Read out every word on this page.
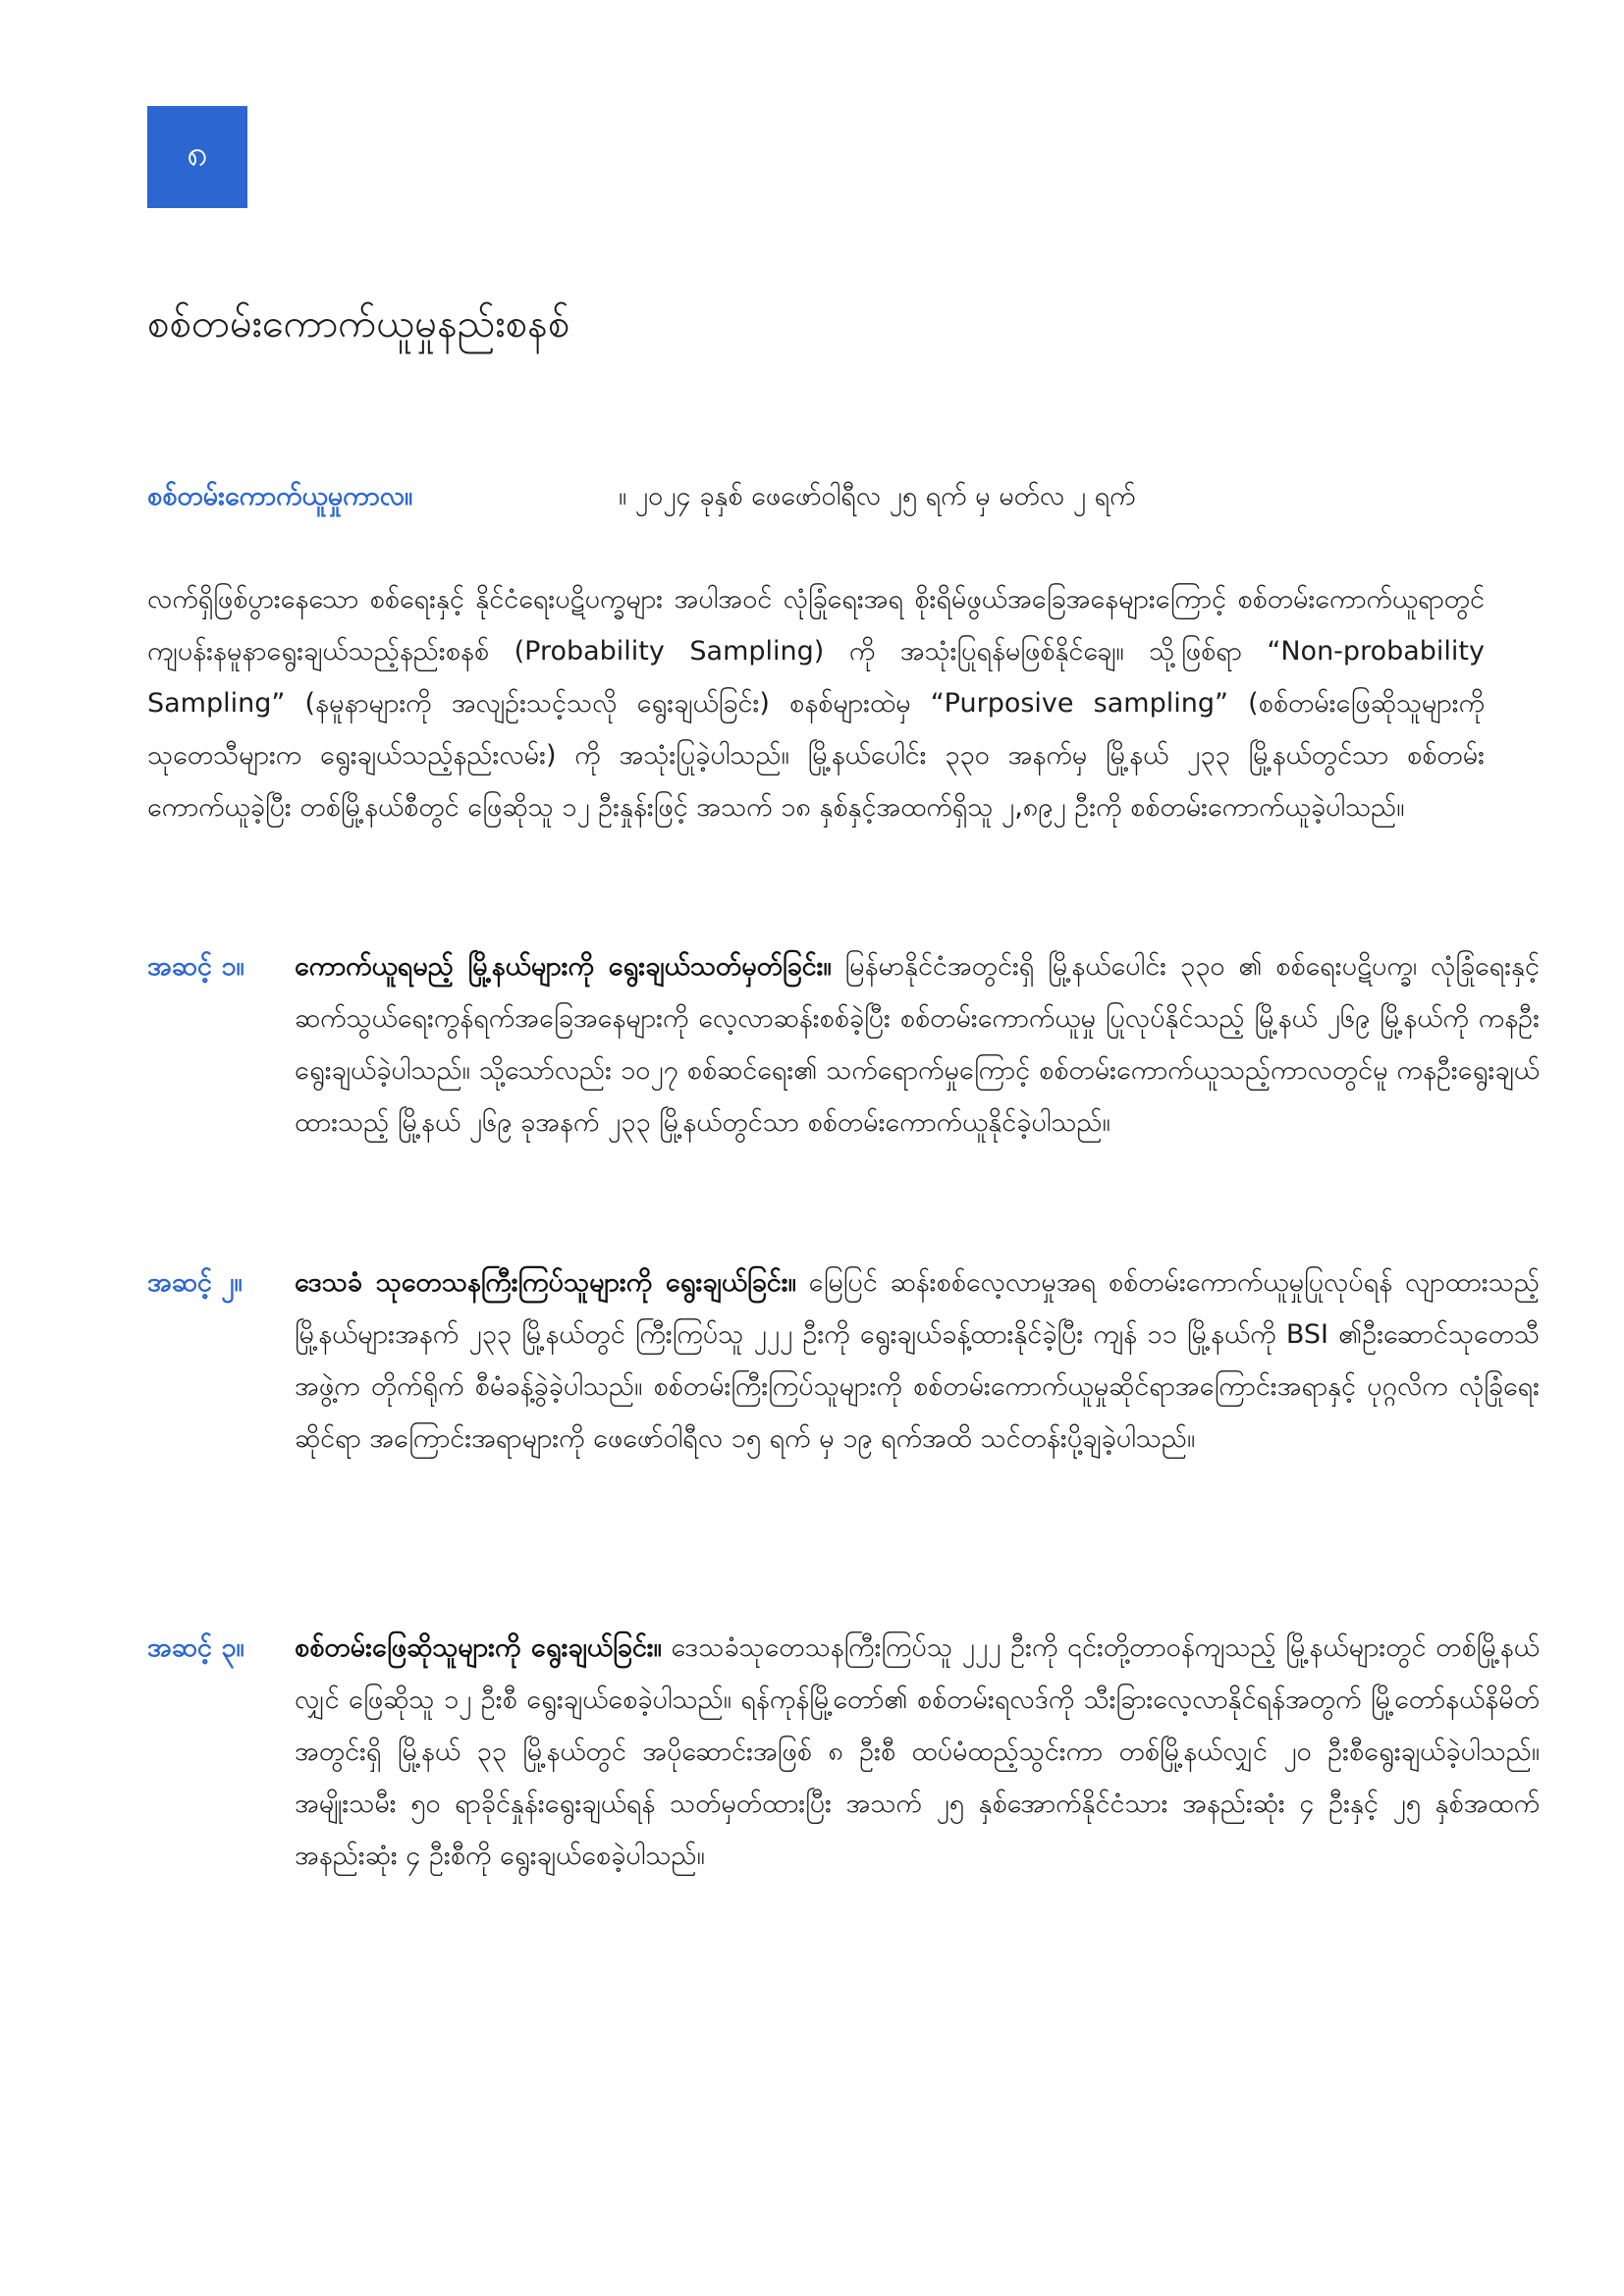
၈
စစ်တမ်းကောက်ယူမှုနည်းစနစ်
စစ်တမ်းကောက်ယူမှုကာလ။	။ ၂၀၂၄ ခုနှစ် ဖေဖော်ဝါရီလ ၂၅ ရက် မှ မတ်လ ၂ ရက်

လက်ရှိဖြစ်ပွားနေသော စစ်ရေးနှင့် နိုင်ငံရေးပဋိပက္ခများ အပါအဝင် လုံခြုံရေးအရ စိုးရိမ်ဖွယ်အခြေအနေများကြောင့် စစ်တမ်းကောက်ယူရာတွင် ကျပန်းနမူနာရွေးချယ်သည့်နည်းစနစ် (Probability Sampling) ကို အသုံးပြုရန်မဖြစ်နိုင်ချေ။ သို့ဖြစ်ရာ “Non-probability Sampling” (နမူနာများကို အလျဉ်းသင့်သလို ရွေးချယ်ခြင်း) စနစ်များထဲမှ “Purposive sampling” (စစ်တမ်းဖြေဆိုသူများကို သုတေသီများက ရွေးချယ်သည့်နည်းလမ်း) ကို အသုံးပြုခဲ့ပါသည်။ မြို့နယ်ပေါင်း ၃၃၀ အနက်မှ မြို့နယ် ၂၃၃ မြို့နယ်တွင်သာ စစ်တမ်းကောက်ယူခဲ့ပြီး တစ်မြို့နယ်စီတွင် ဖြေဆိုသူ ၁၂ ဦးနှုန်းဖြင့် အသက် ၁၈ နှစ်နှင့်အထက်ရှိသူ ၂,၈၉၂ ဦးကို စစ်တမ်းကောက်ယူခဲ့ပါသည်။

အဆင့် ၁။	ကောက်ယူရမည့် မြို့နယ်များကို ရွေးချယ်သတ်မှတ်ခြင်း။ မြန်မာနိုင်ငံအတွင်းရှိ မြို့နယ်ပေါင်း ၃၃၀ ၏ စစ်ရေးပဋိပက္ခ၊ လုံခြုံရေးနှင့် ဆက်သွယ်ရေးကွန်ရက်အခြေအနေများကို လေ့လာဆန်းစစ်ခဲ့ပြီး စစ်တမ်းကောက်ယူမှု ပြုလုပ်နိုင်သည့် မြို့နယ် ၂၆၉ မြို့နယ်ကို ကနဦးရွေးချယ်ခဲ့ပါသည်။ သို့သော်လည်း ၁၀၂၇ စစ်ဆင်ရေး၏ သက်ရောက်မှုကြောင့် စစ်တမ်းကောက်ယူသည့်ကာလတွင်မူ ကနဦးရွေးချယ်ထားသည့် မြို့နယ် ၂၆၉ ခုအနက် ၂၃၃ မြို့နယ်တွင်သာ စစ်တမ်းကောက်ယူနိုင်ခဲ့ပါသည်။

အဆင့် ၂။	ဒေသခံ သုတေသနကြီးကြပ်သူများကို ရွေးချယ်ခြင်း။ မြေပြင် ဆန်းစစ်လေ့လာမှုအရ စစ်တမ်းကောက်ယူမှုပြုလုပ်ရန် လျာထားသည့် မြို့နယ်များအနက် ၂၃၃ မြို့နယ်တွင် ကြီးကြပ်သူ ၂၂၂ ဦးကို ရွေးချယ်ခန့်ထားနိုင်ခဲ့ပြီး ကျန် ၁၁ မြို့နယ်ကို BSI ၏ဦးဆောင်သုတေသီအဖွဲ့က တိုက်ရိုက် စီမံခန့်ခွဲခဲ့ပါသည်။ စစ်တမ်းကြီးကြပ်သူများကို စစ်တမ်းကောက်ယူမှုဆိုင်ရာအကြောင်းအရာနှင့် ပုဂ္ဂလိက လုံခြုံရေးဆိုင်ရာ အကြောင်းအရာများကို ဖေဖော်ဝါရီလ ၁၅ ရက် မှ ၁၉ ရက်အထိ သင်တန်းပို့ချခဲ့ပါသည်။

အဆင့် ၃။	စစ်တမ်းဖြေဆိုသူများကို ရွေးချယ်ခြင်း။ ဒေသခံသုတေသနကြီးကြပ်သူ ၂၂၂ ဦးကို ၎င်းတို့တာဝန်ကျသည့် မြို့နယ်များတွင် တစ်မြို့နယ်လျှင် ဖြေဆိုသူ ၁၂ ဦးစီ ရွေးချယ်စေခဲ့ပါသည်။ ရန်ကုန်မြို့တော်၏ စစ်တမ်းရလဒ်ကို သီးခြားလေ့လာနိုင်ရန်အတွက် မြို့တော်နယ်နိမိတ်အတွင်းရှိ မြို့နယ် ၃၃ မြို့နယ်တွင် အပိုဆောင်းအဖြစ် ၈ ဦးစီ ထပ်မံထည့်သွင်းကာ တစ်မြို့နယ်လျှင် ၂၀ ဦးစီရွေးချယ်ခဲ့ပါသည်။ အမျိုးသမီး ၅၀ ရာခိုင်နှုန်းရွေးချယ်ရန် သတ်မှတ်ထားပြီး အသက် ၂၅ နှစ်အောက်နိုင်ငံသား အနည်းဆုံး ၄ ဦးနှင့် ၂၅ နှစ်အထက် အနည်းဆုံး ၄ ဦးစီကို ရွေးချယ်စေခဲ့ပါသည်။
